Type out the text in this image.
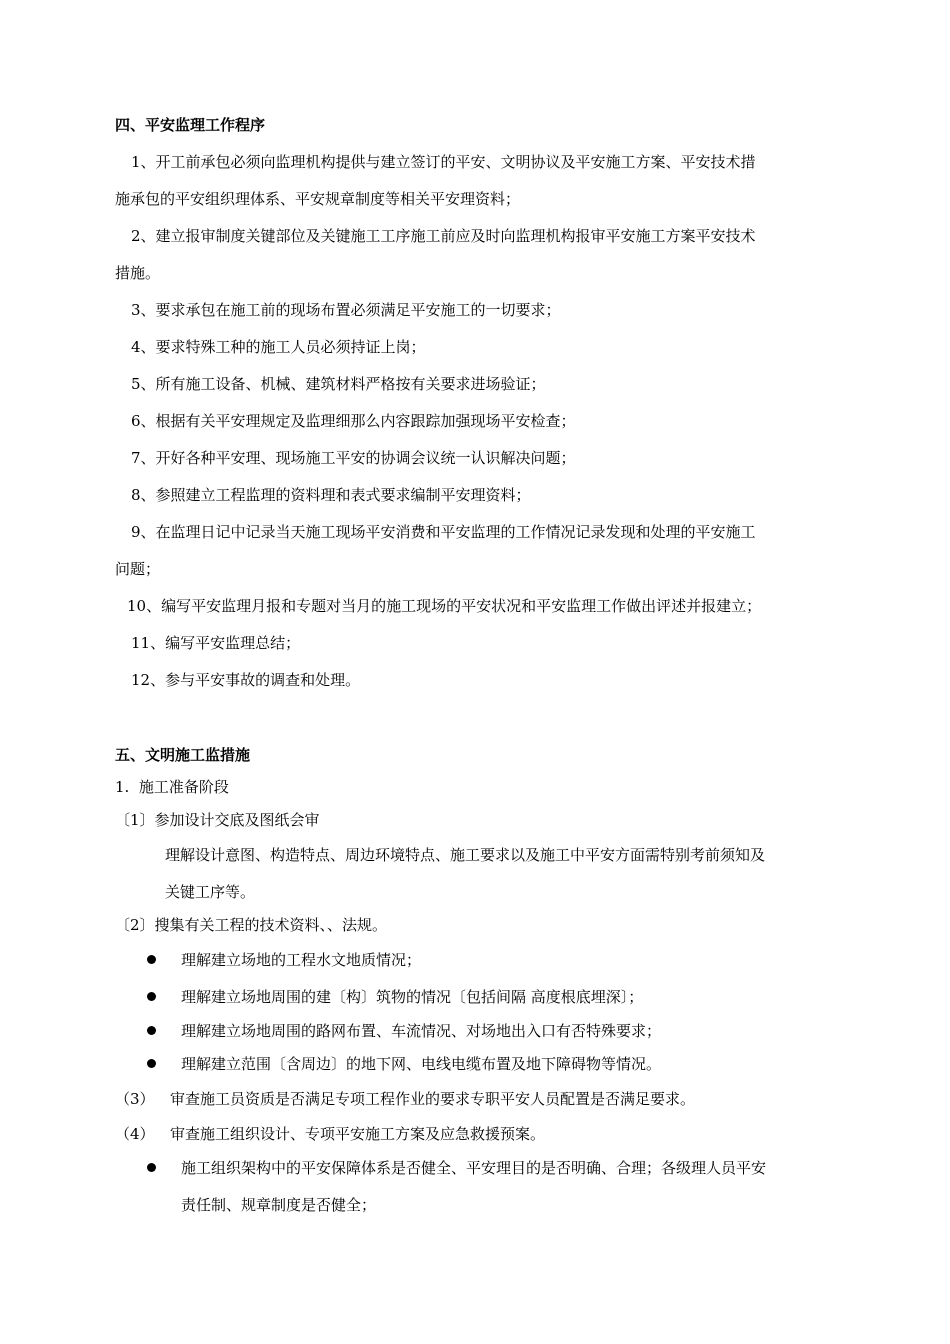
四、平安监理工作程序
1、开工前承包必须向监理机构提供与建立签订的平安、文明协议及平安施工方案、平安技术措
施承包的平安组织理体系、平安规章制度等相关平安理资料；
2、建立报审制度关键部位及关键施工工序施工前应及时向监理机构报审平安施工方案平安技术
措施。
3、要求承包在施工前的现场布置必须满足平安施工的一切要求；
4、要求特殊工种的施工人员必须持证上岗；
5、所有施工设备、机械、建筑材料严格按有关要求进场验证；
6、根据有关平安理规定及监理细那么内容跟踪加强现场平安检查；
7、开好各种平安理、现场施工平安的协调会议统一认识解决问题；
8、参照建立工程监理的资料理和表式要求编制平安理资料；
9、在监理日记中记录当天施工现场平安消费和平安监理的工作情况记录发现和处理的平安施工
问题；
10、编写平安监理月报和专题对当月的施工现场的平安状况和平安监理工作做出评述并报建立；
11、编写平安监理总结；
12、参与平安事故的调查和处理。
五、文明施工监措施
1.  施工准备阶段
〔1〕参加设计交底及图纸会审
理解设计意图、构造特点、周边环境特点、施工要求以及施工中平安方面需特别考前须知及
关键工序等。
〔2〕搜集有关工程的技术资料、、法规。
理解建立场地的工程水文地质情况；
理解建立场地周围的建〔构〕筑物的情况〔包括间隔 高度根底埋深〕；
理解建立场地周围的路网布置、车流情况、对场地出入口有否特殊要求；
理解建立范围〔含周边〕的地下网、电线电缆布置及地下障碍物等情况。
（3） 审查施工员资质是否满足专项工程作业的要求专职平安人员配置是否满足要求。
（4） 审查施工组织设计、专项平安施工方案及应急救援预案。
施工组织架构中的平安保障体系是否健全、平安理目的是否明确、合理；各级理人员平安
责任制、规章制度是否健全；
